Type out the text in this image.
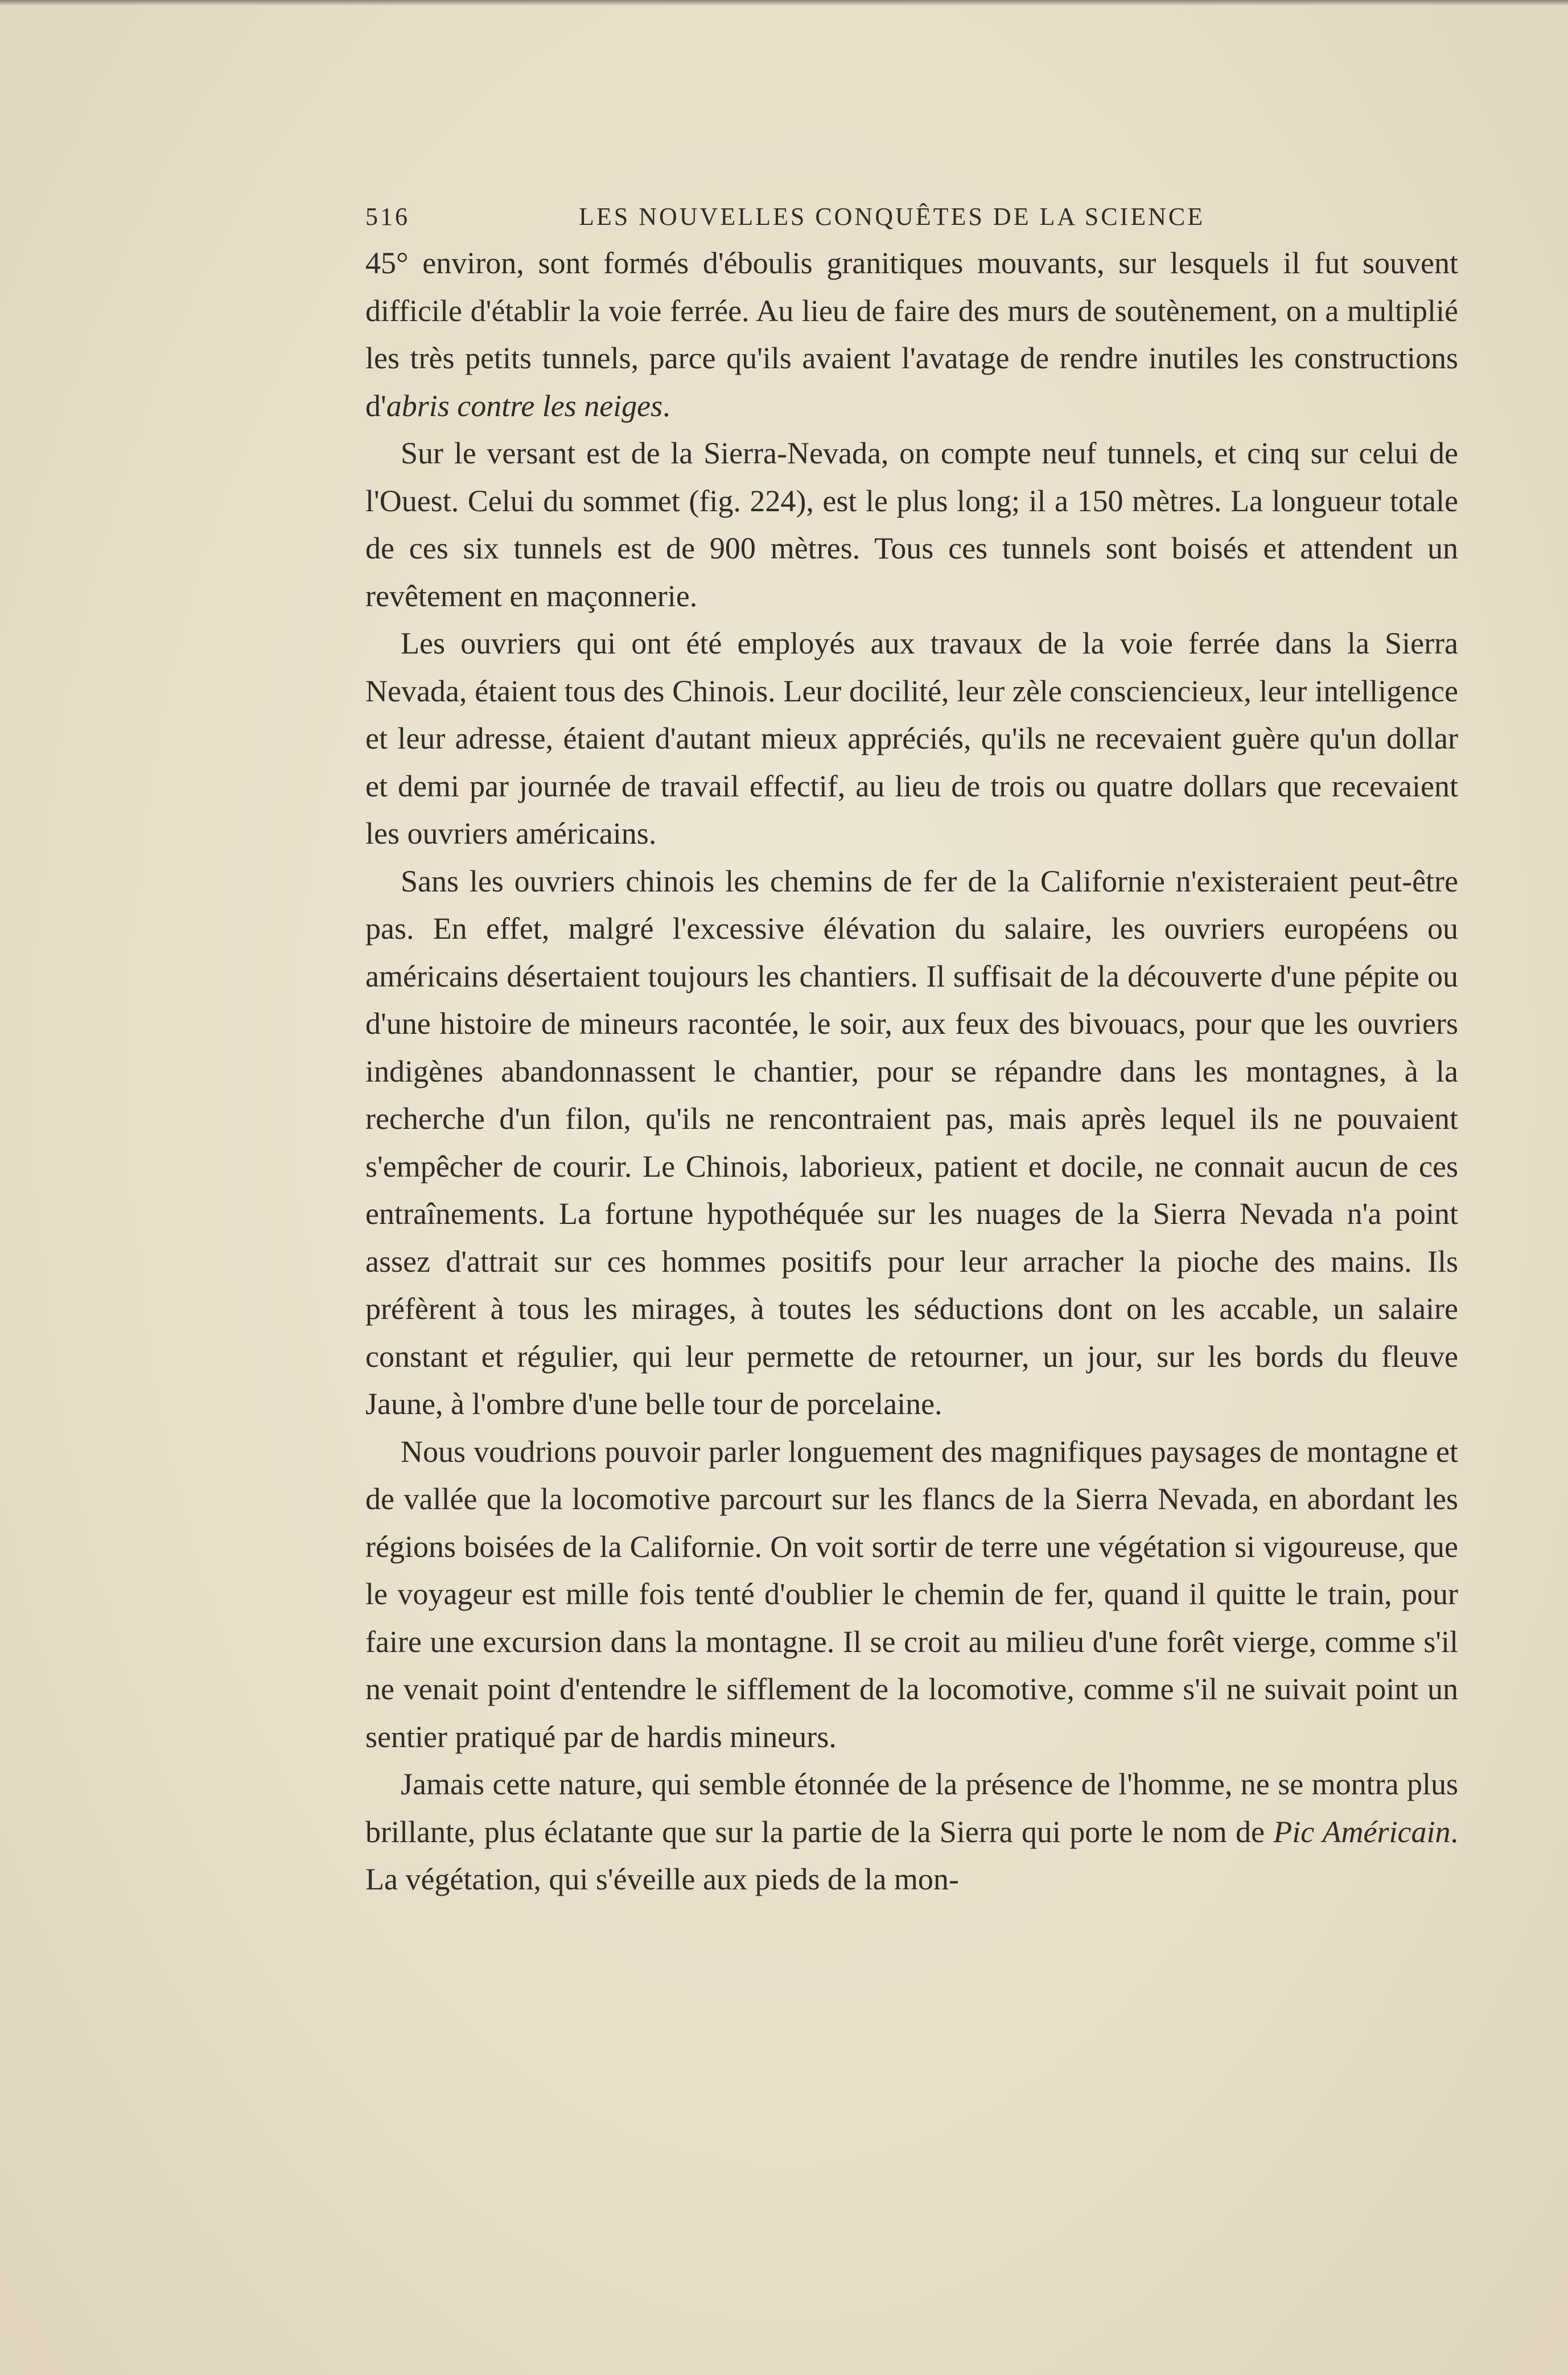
516	LES NOUVELLES CONQUÊTES DE LA SCIENCE

45° environ, sont formés d'éboulis granitiques mouvants, sur lesquels il fut souvent difficile d'établir la voie ferrée. Au lieu de faire des murs de soutènement, on a multiplié les très petits tunnels, parce qu'ils avaient l'avatage de rendre inutiles les constructions d'abris contre les neiges.

Sur le versant est de la Sierra-Nevada, on compte neuf tunnels, et cinq sur celui de l'Ouest. Celui du sommet (fig. 224), est le plus long; il a 150 mètres. La longueur totale de ces six tunnels est de 900 mètres. Tous ces tunnels sont boisés et attendent un revêtement en maçonnerie.

Les ouvriers qui ont été employés aux travaux de la voie ferrée dans la Sierra Nevada, étaient tous des Chinois. Leur docilité, leur zèle consciencieux, leur intelligence et leur adresse, étaient d'autant mieux appréciés, qu'ils ne recevaient guère qu'un dollar et demi par journée de travail effectif, au lieu de trois ou quatre dollars que recevaient les ouvriers américains.

Sans les ouvriers chinois les chemins de fer de la Californie n'existeraient peut-être pas. En effet, malgré l'excessive élévation du salaire, les ouvriers européens ou américains désertaient toujours les chantiers. Il suffisait de la découverte d'une pépite ou d'une histoire de mineurs racontée, le soir, aux feux des bivouacs, pour que les ouvriers indigènes abandonnassent le chantier, pour se répandre dans les montagnes, à la recherche d'un filon, qu'ils ne rencontraient pas, mais après lequel ils ne pouvaient s'empêcher de courir. Le Chinois, laborieux, patient et docile, ne connait aucun de ces entraînements. La fortune hypothéquée sur les nuages de la Sierra Nevada n'a point assez d'attrait sur ces hommes positifs pour leur arracher la pioche des mains. Ils préfèrent à tous les mirages, à toutes les séductions dont on les accable, un salaire constant et régulier, qui leur permette de retourner, un jour, sur les bords du fleuve Jaune, à l'ombre d'une belle tour de porcelaine.

Nous voudrions pouvoir parler longuement des magnifiques paysages de montagne et de vallée que la locomotive parcourt sur les flancs de la Sierra Nevada, en abordant les régions boisées de la Californie. On voit sortir de terre une végétation si vigoureuse, que le voyageur est mille fois tenté d'oublier le chemin de fer, quand il quitte le train, pour faire une excursion dans la montagne. Il se croit au milieu d'une forêt vierge, comme s'il ne venait point d'entendre le sifflement de la locomotive, comme s'il ne suivait point un sentier pratiqué par de hardis mineurs.

Jamais cette nature, qui semble étonnée de la présence de l'homme, ne se montra plus brillante, plus éclatante que sur la partie de la Sierra qui porte le nom de Pic Américain. La végétation, qui s'éveille aux pieds de la mon-
